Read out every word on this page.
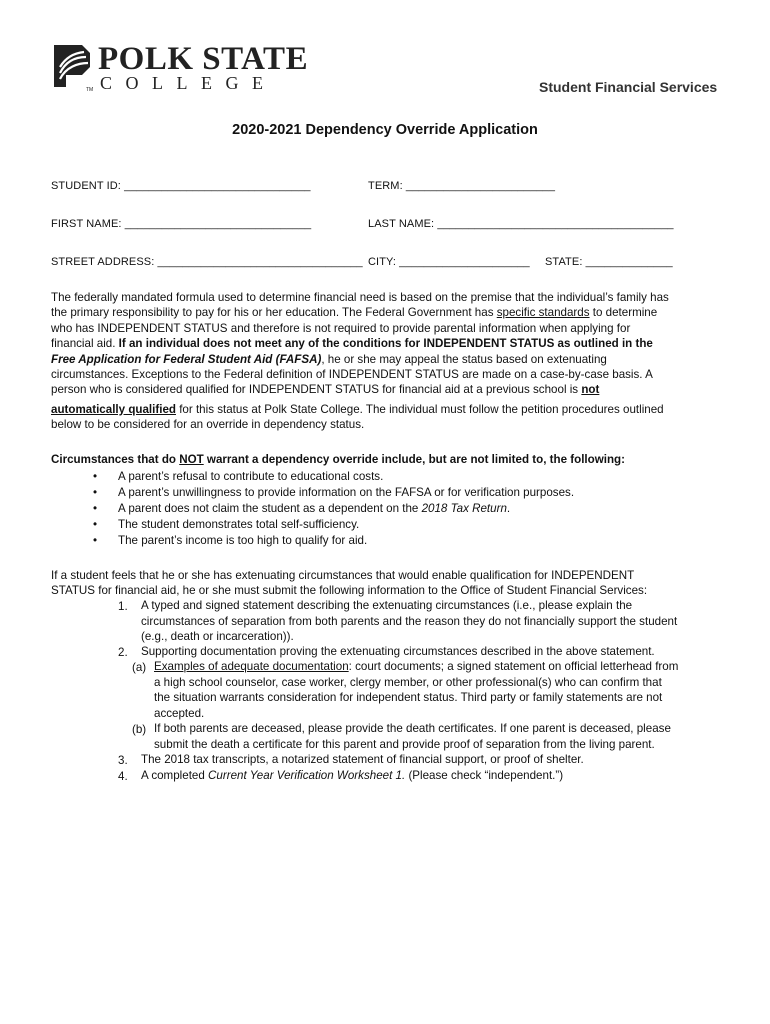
POLK STATE
COLLEGE
TM	Student Financial Services
2020-2021 Dependency Override Application
STUDENT ID: ______________________________	TERM: ________________________
FIRST NAME: ______________________________	LAST NAME: ______________________________________
STREET ADDRESS: _________________________________ CITY: _____________________ STATE: ______________

The federally mandated formula used to determine financial need is based on the premise that the individual’s family has

the primary responsibility to pay for his or her education. The Federal Government has specific standards to determine

who has INDEPENDENT STATUS and therefore is not required to provide parental information when applying for

financial aid. If an individual does not meet any of the conditions for INDEPENDENT STATUS as outlined in the

Free Application for Federal Student Aid (FAFSA), he or she may appeal the status based on extenuating

circumstances. Exceptions to the Federal definition of INDEPENDENT STATUS are made on a case-by-case basis. A

person who is considered qualified for INDEPENDENT STATUS for financial aid at a previous school is not

automatically qualified for this status at Polk State College. The individual must follow the petition procedures outlined

below to be considered for an override in dependency status.

Circumstances that do NOT warrant a dependency override include, but are not limited to, the following:
• A parent’s refusal to contribute to educational costs.
• A parent’s unwillingness to provide information on the FAFSA or for verification purposes.
• A parent does not claim the student as a dependent on the 2018 Tax Return.
• The student demonstrates total self-sufficiency.
• The parent’s income is too high to qualify for aid.
If a student feels that he or she has extenuating circumstances that would enable qualification for INDEPENDENT
STATUS for financial aid, he or she must submit the following information to the Office of Student Financial Services:
1. A typed and signed statement describing the extenuating circumstances (i.e., please explain the
circumstances of separation from both parents and the reason they do not financially support the student
(e.g., death or incarceration)).
2. Supporting documentation proving the extenuating circumstances described in the above statement.
(a) Examples of adequate documentation: court documents; a signed statement on official letterhead from
a high school counselor, case worker, clergy member, or other professional(s) who can confirm that
the situation warrants consideration for independent status. Third party or family statements are not
accepted.
(b) If both parents are deceased, please provide the death certificates. If one parent is deceased, please
submit the death a certificate for this parent and provide proof of separation from the living parent.
3. The 2018 tax transcripts, a notarized statement of financial support, or proof of shelter.
4. A completed Current Year Verification Worksheet 1. (Please check “independent.”)
